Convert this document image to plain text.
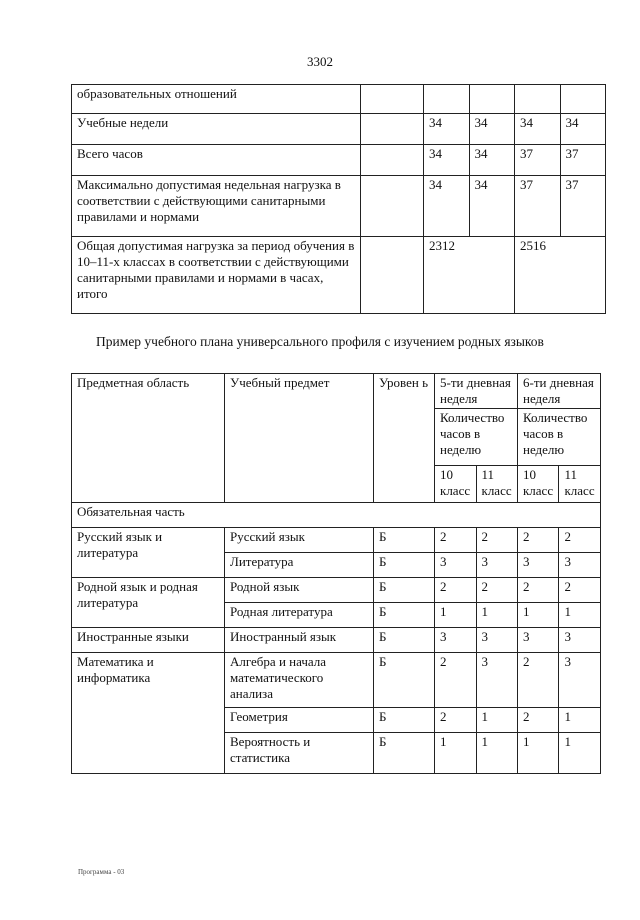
3302
образовательных отношений					
Учебные недели		34	34	34	34
Всего часов		34	34	37	37
Максимально допустимая недельная нагрузка в соответствии с действующими санитарными правилами и нормами		34	34	37	37
Общая допустимая нагрузка за период обучения в 10–11-х классах в соответствии с действующими санитарными правилами и нормами в часах, итого		2312		2516	
Пример учебного плана универсального профиля с изучением родных языков
Предметная область	Учебный предмет	Уровен ь	5-ти дневная неделя		6-ти дневная неделя	
			Количество часов в неделю		Количество часов в неделю	
			10 класс	11 класс	10 класс	11 класс
Обязательная часть						
Русский язык и литература	Русский язык	Б	2	2	2	2
	Литература	Б	3	3	3	3
Родной язык и родная литература	Родной язык	Б	2	2	2	2
	Родная литература	Б	1	1	1	1
Иностранные языки	Иностранный язык	Б	3	3	3	3
Математика и информатика	Алгебра и начала математического анализа	Б	2	3	2	3
	Геометрия	Б	2	1	2	1
	Вероятность и статистика	Б	1	1	1	1
Программа - 03
